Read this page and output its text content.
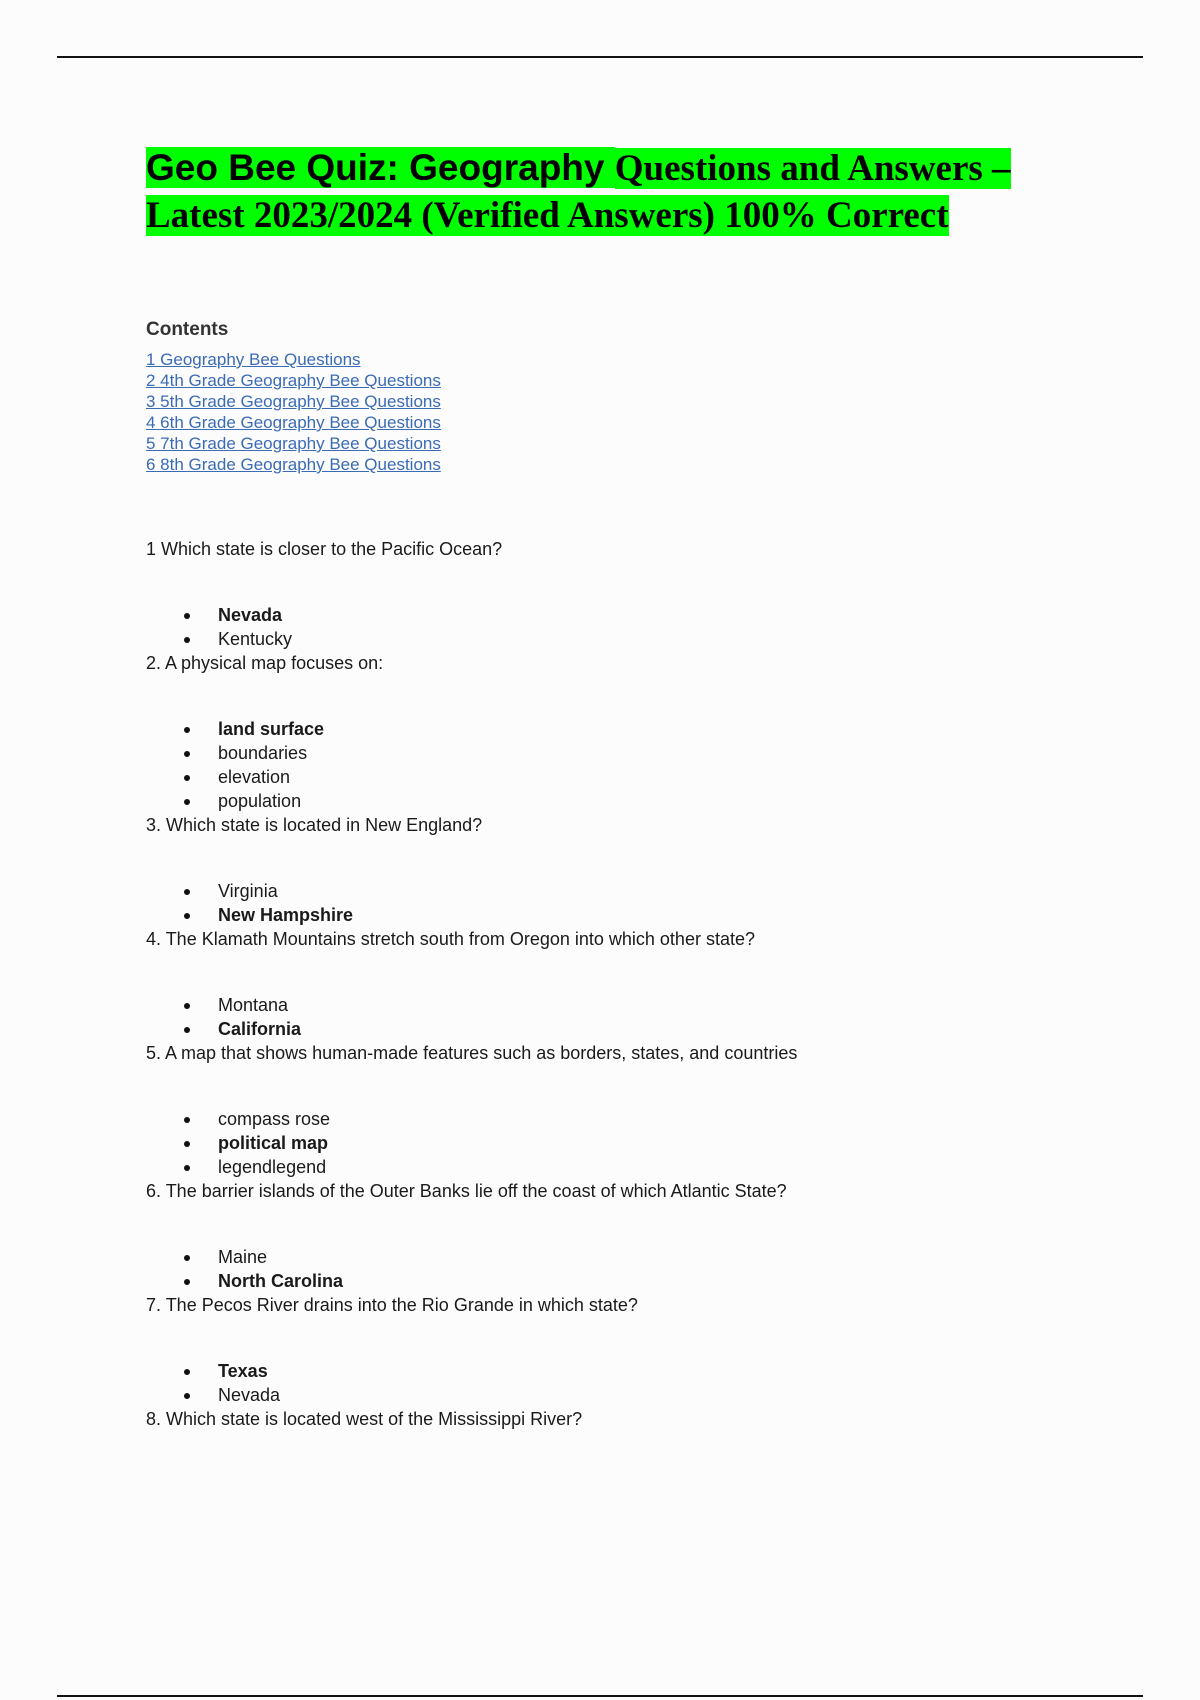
Geo Bee Quiz: Geography Questions and Answers – Latest 2023/2024 (Verified Answers) 100% Correct
Contents
1 Geography Bee Questions
2 4th Grade Geography Bee Questions
3 5th Grade Geography Bee Questions
4 6th Grade Geography Bee Questions
5 7th Grade Geography Bee Questions
6 8th Grade Geography Bee Questions

1 Which state is closer to the Pacific Ocean?

Nevada
Kentucky

2. A physical map focuses on:

land surface
boundaries
elevation
population

3. Which state is located in New England?

Virginia
New Hampshire

4. The Klamath Mountains stretch south from Oregon into which other state?

Montana
California

5. A map that shows human-made features such as borders, states, and countries

compass rose
political map
legendlegend

6. The barrier islands of the Outer Banks lie off the coast of which Atlantic State?

Maine
North Carolina

7. The Pecos River drains into the Rio Grande in which state?

Texas
Nevada

8. Which state is located west of the Mississippi River?
